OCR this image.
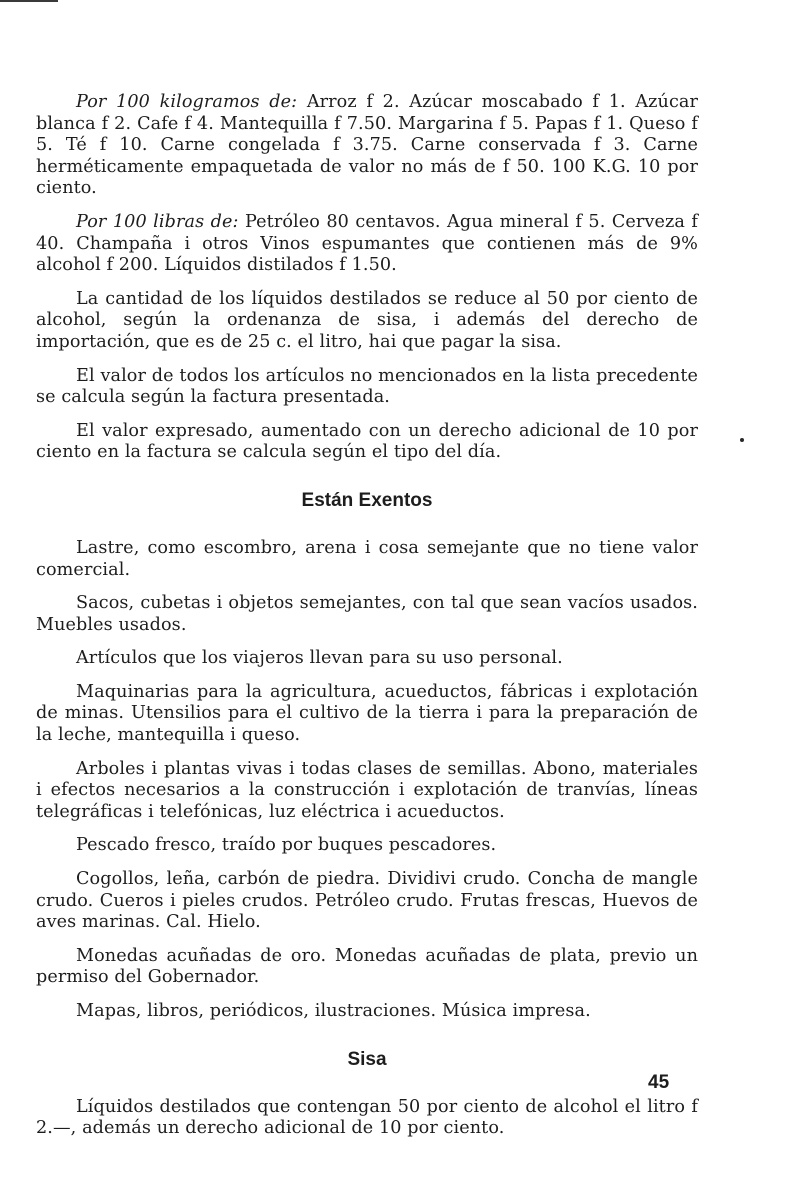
Por 100 kilogramos de: Arroz f 2. Azúcar moscabado f 1. Azúcar blanca f 2. Cafe f 4. Mantequilla f 7.50. Margarina f 5. Papas f 1. Queso f 5. Té f 10. Carne congelada f 3.75. Carne conservada f 3. Carne herméticamente empaquetada de valor no más de f 50. 100 K.G. 10 por ciento.

Por 100 libras de: Petróleo 80 centavos. Agua mineral f 5. Cerveza f 40. Champaña i otros Vinos espumantes que contienen más de 9% alcohol f 200. Líquidos distilados f 1.50.

La cantidad de los líquidos destilados se reduce al 50 por ciento de alcohol, según la ordenanza de sisa, i además del derecho de importación, que es de 25 c. el litro, hai que pagar la sisa.

El valor de todos los artículos no mencionados en la lista precedente se calcula según la factura presentada.

El valor expresado, aumentado con un derecho adicional de 10 por ciento en la factura se calcula según el tipo del día.

Están Exentos

Lastre, como escombro, arena i cosa semejante que no tiene valor comercial.

Sacos, cubetas i objetos semejantes, con tal que sean vacíos usados. Muebles usados.

Artículos que los viajeros llevan para su uso personal.

Maquinarias para la agricultura, acueductos, fábricas i explotación de minas. Utensilios para el cultivo de la tierra i para la preparación de la leche, mantequilla i queso.

Arboles i plantas vivas i todas clases de semillas. Abono, materiales i efectos necesarios a la construcción i explotación de tranvías, líneas telegráficas i telefónicas, luz eléctrica i acueductos.

Pescado fresco, traído por buques pescadores.

Cogollos, leña, carbón de piedra. Dividivi crudo. Concha de mangle crudo. Cueros i pieles crudos. Petróleo crudo. Frutas frescas, Huevos de aves marinas. Cal. Hielo.

Monedas acuñadas de oro. Monedas acuñadas de plata, previo un permiso del Gobernador.

Mapas, libros, periódicos, ilustraciones. Música impresa.

Sisa

Líquidos destilados que contengan 50 por ciento de alcohol el litro f 2.—, además un derecho adicional de 10 por ciento.

45
